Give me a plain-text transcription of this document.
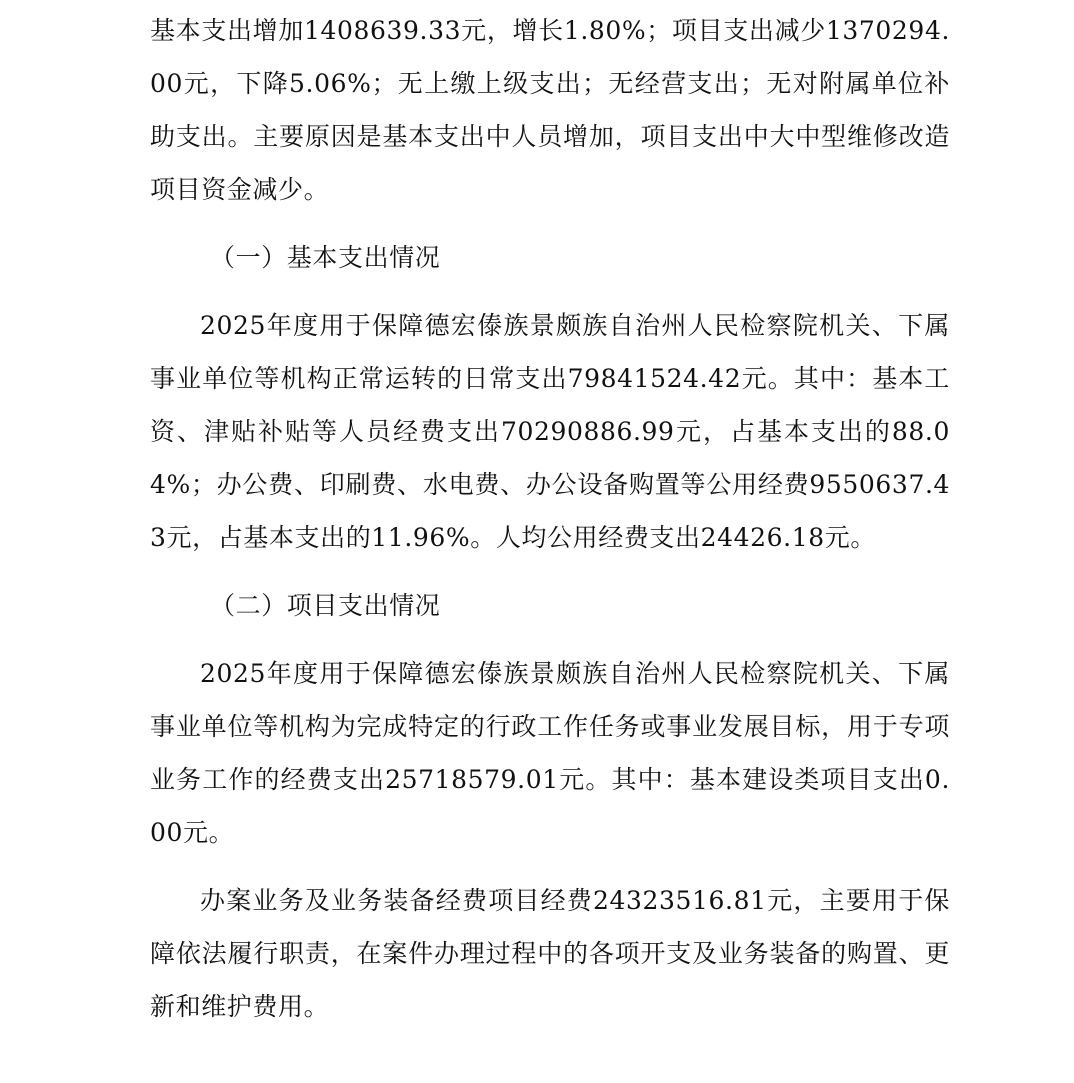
基本支出增加1408639.33元，增长1.80%；项目支出减少1370294.00元，下降5.06%；无上缴上级支出；无经营支出；无对附属单位补助支出。主要原因是基本支出中人员增加，项目支出中大中型维修改造项目资金减少。

（一）基本支出情况

2025年度用于保障德宏傣族景颇族自治州人民检察院机关、下属事业单位等机构正常运转的日常支出79841524.42元。其中：基本工资、津贴补贴等人员经费支出70290886.99元，占基本支出的88.04%；办公费、印刷费、水电费、办公设备购置等公用经费9550637.43元，占基本支出的11.96%。人均公用经费支出24426.18元。

（二）项目支出情况

2025年度用于保障德宏傣族景颇族自治州人民检察院机关、下属事业单位等机构为完成特定的行政工作任务或事业发展目标，用于专项业务工作的经费支出25718579.01元。其中：基本建设类项目支出0.00元。

办案业务及业务装备经费项目经费24323516.81元，主要用于保障依法履行职责，在案件办理过程中的各项开支及业务装备的购置、更新和维护费用。
